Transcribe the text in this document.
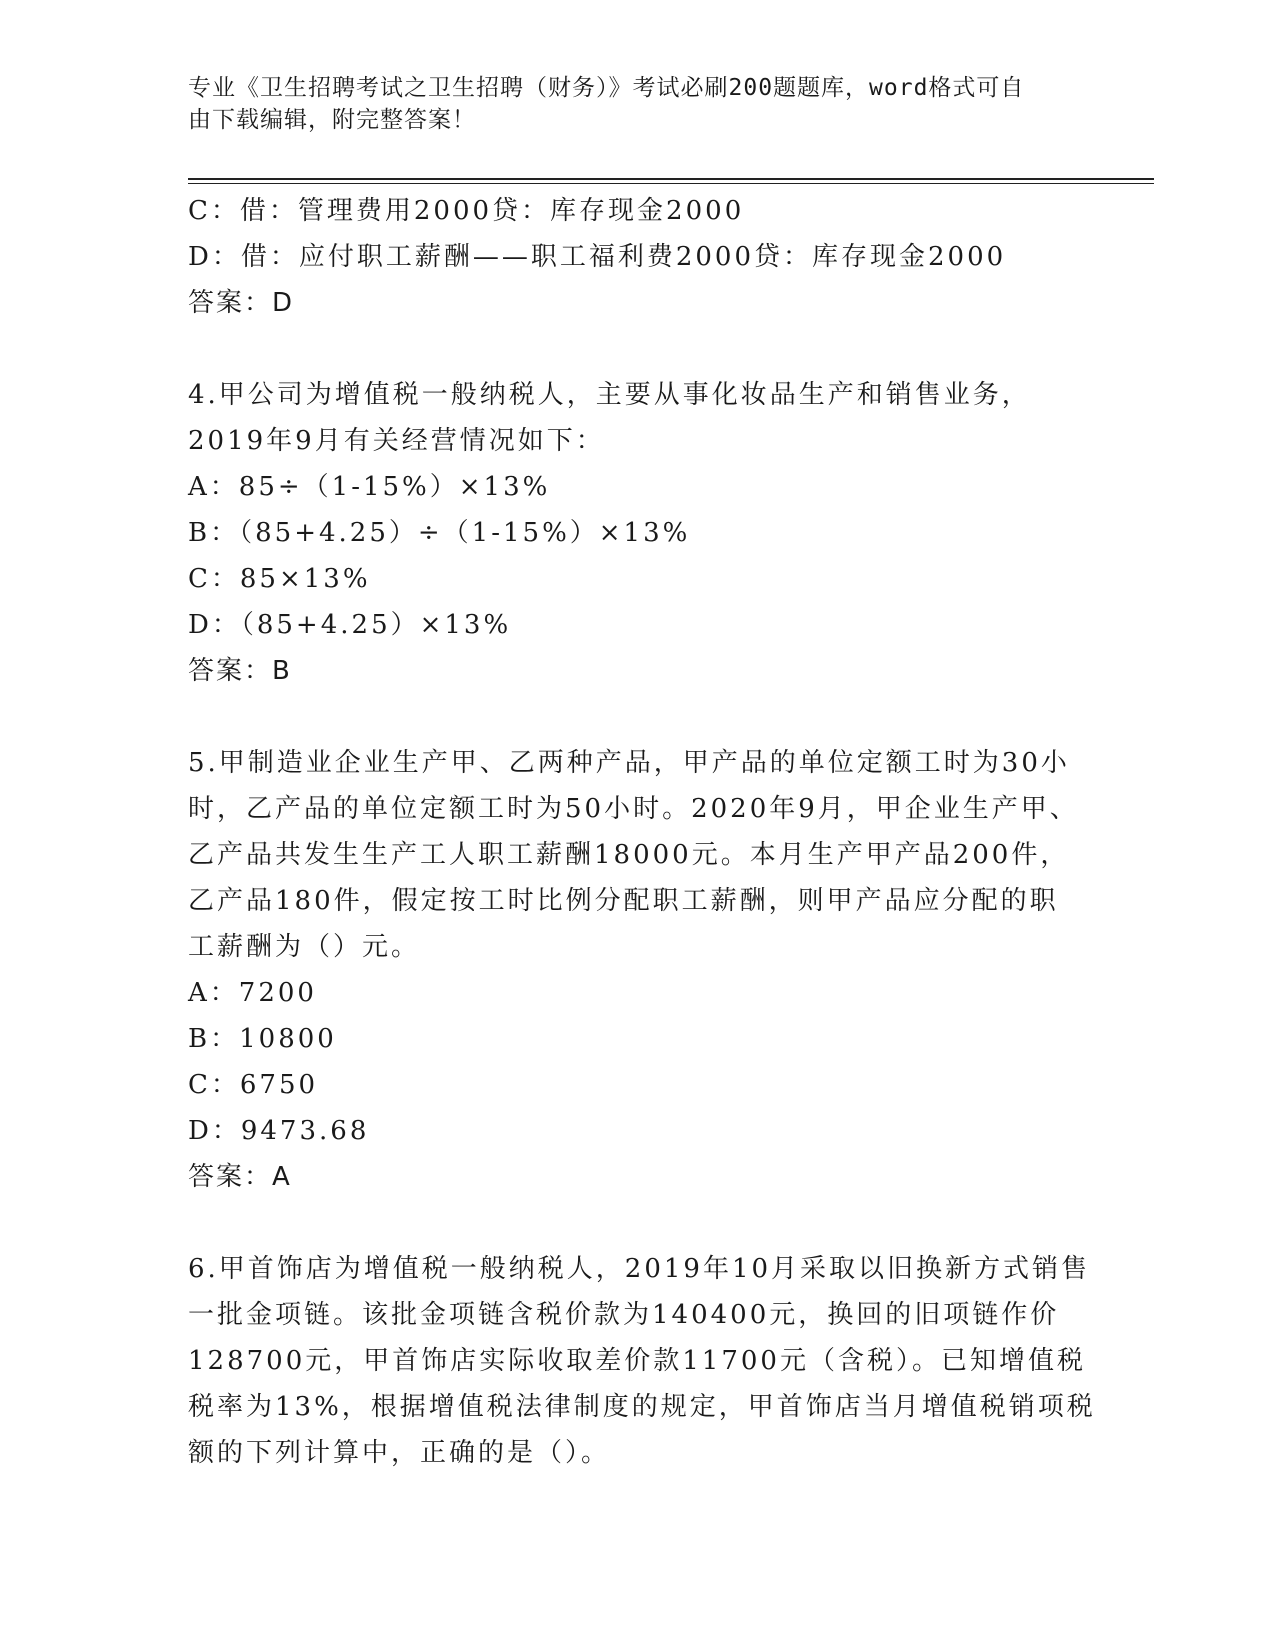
专业《卫生招聘考试之卫生招聘（财务）》考试必刷200题题库，word格式可自
由下载编辑，附完整答案！
C：借：管理费用2000贷：库存现金2000
D：借：应付职工薪酬——职工福利费2000贷：库存现金2000
答案：D
4.甲公司为增值税一般纳税人，主要从事化妆品生产和销售业务，
2019年9月有关经营情况如下：
A：85÷（1-15%）×13%
B：（85+4.25）÷（1-15%）×13%
C：85×13%
D：（85+4.25）×13%
答案：B
5.甲制造业企业生产甲、乙两种产品，甲产品的单位定额工时为30小
时，乙产品的单位定额工时为50小时。2020年9月，甲企业生产甲、
乙产品共发生生产工人职工薪酬18000元。本月生产甲产品200件，
乙产品180件，假定按工时比例分配职工薪酬，则甲产品应分配的职
工薪酬为（）元。
A：7200
B：10800
C：6750
D：9473.68
答案：A
6.甲首饰店为增值税一般纳税人，2019年10月采取以旧换新方式销售
一批金项链。该批金项链含税价款为140400元，换回的旧项链作价
128700元，甲首饰店实际收取差价款11700元（含税）。已知增值税
税率为13%，根据增值税法律制度的规定，甲首饰店当月增值税销项税
额的下列计算中，正确的是（）。
